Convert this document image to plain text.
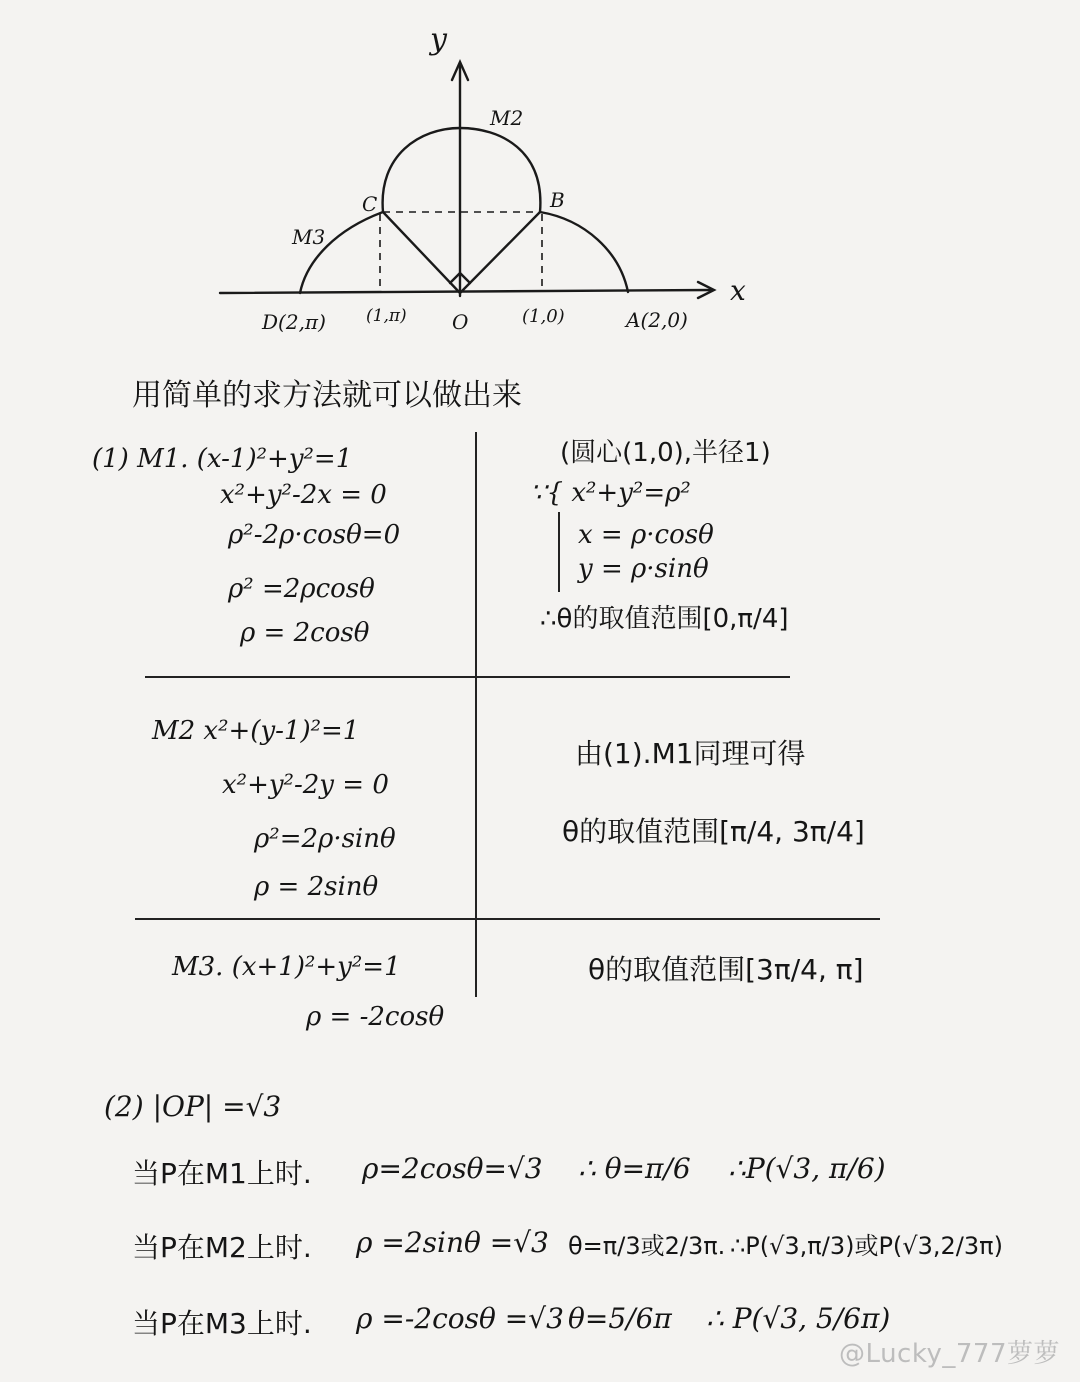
y
x
M2
M3
C	B
D(2,π) (1,π) O	(1,0)	A(2,0)
用简单的求方法就可以做出来
(1) M1. (x-1)²+y²=1
x²+y²-2x = 0
ρ²-2ρ·cosθ=0
ρ² =2ρcosθ
ρ = 2cosθ
(圆心(1,0),半径1)
∵{ x²+y²=ρ²
x = ρ·cosθ
y = ρ·sinθ
∴θ的取值范围[0,π/4]
M2 x²+(y-1)²=1
x²+y²-2y = 0
ρ²=2ρ·sinθ
ρ = 2sinθ
由(1).M1同理可得
θ的取值范围[π/4, 3π/4]
M3. (x+1)²+y²=1
ρ = -2cosθ
θ的取值范围[3π/4, π]
(2) |OP| =√3
当P在M1上时. ρ=2cosθ=√3 ∴ θ=π/6 ∴P(√3, π/6)
当P在M2上时. ρ =2sinθ =√3 θ=π/3或2/3π. ∴P(√3,π/3)或P(√3,2/3π)
当P在M3上时. ρ =-2cosθ =√3 θ=5/6π ∴ P(√3, 5/6π)
@Lucky_777萝萝
